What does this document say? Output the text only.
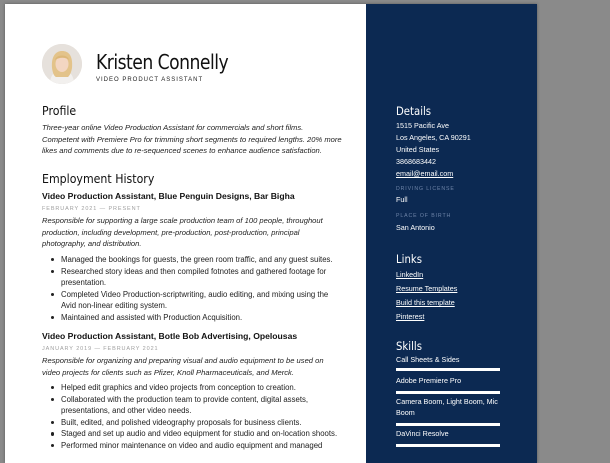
Kristen Connelly
VIDEO PRODUCT ASSISTANT
Profile
Three-year online Video Production Assistant for commercials and short films. Competent with Premiere Pro for trimming short segments to required lengths. 20% more likes and comments due to re-sequenced scenes to enhance audience satisfaction.
Employment History
Video Production Assistant, Blue Penguin Designs, Bar Bigha
FEBRUARY 2021 — PRESENT
Responsible for supporting a large scale production team of 100 people, throughout production, including development, pre-production, post-production, principal photography, and distribution.
Managed the bookings for guests, the green room traffic, and any guest suites.
Researched story ideas and then compiled fotnotes and gathered footage for presentation.
Completed Video Production-scriptwriting, audio editing, and mixing using the Avid non-linear editing system.
Maintained and assisted with Production Acquisition.
Video Production Assistant, Botle Bob Advertising, Opelousas
JANUARY 2019 — FEBRUARY 2021
Responsible for organizing and preparing visual and audio equipment to be used on video projects for clients such as Pfizer, Knoll Pharmaceuticals, and Merck.
Helped edit graphics and video projects from conception to creation.
Collaborated with the production team to provide content, digital assets, presentations, and other video needs.
Built, edited, and polished videography proposals for business clients.
Staged and set up audio and video equipment for studio and on-location shoots.
Performed minor maintenance on video and audio equipment and managed
Details
1515 Pacific Ave
Los Angeles, CA 90291
United States
3868683442
email@email.com
DRIVING LICENSE
Full
PLACE OF BIRTH
San Antonio
Links
LinkedIn
Resume Templates
Build this template
Pinterest
Skills
Call Sheets & Sides
Adobe Premiere Pro
Camera Boom, Light Boom, Mic Boom
DaVinci Resolve
